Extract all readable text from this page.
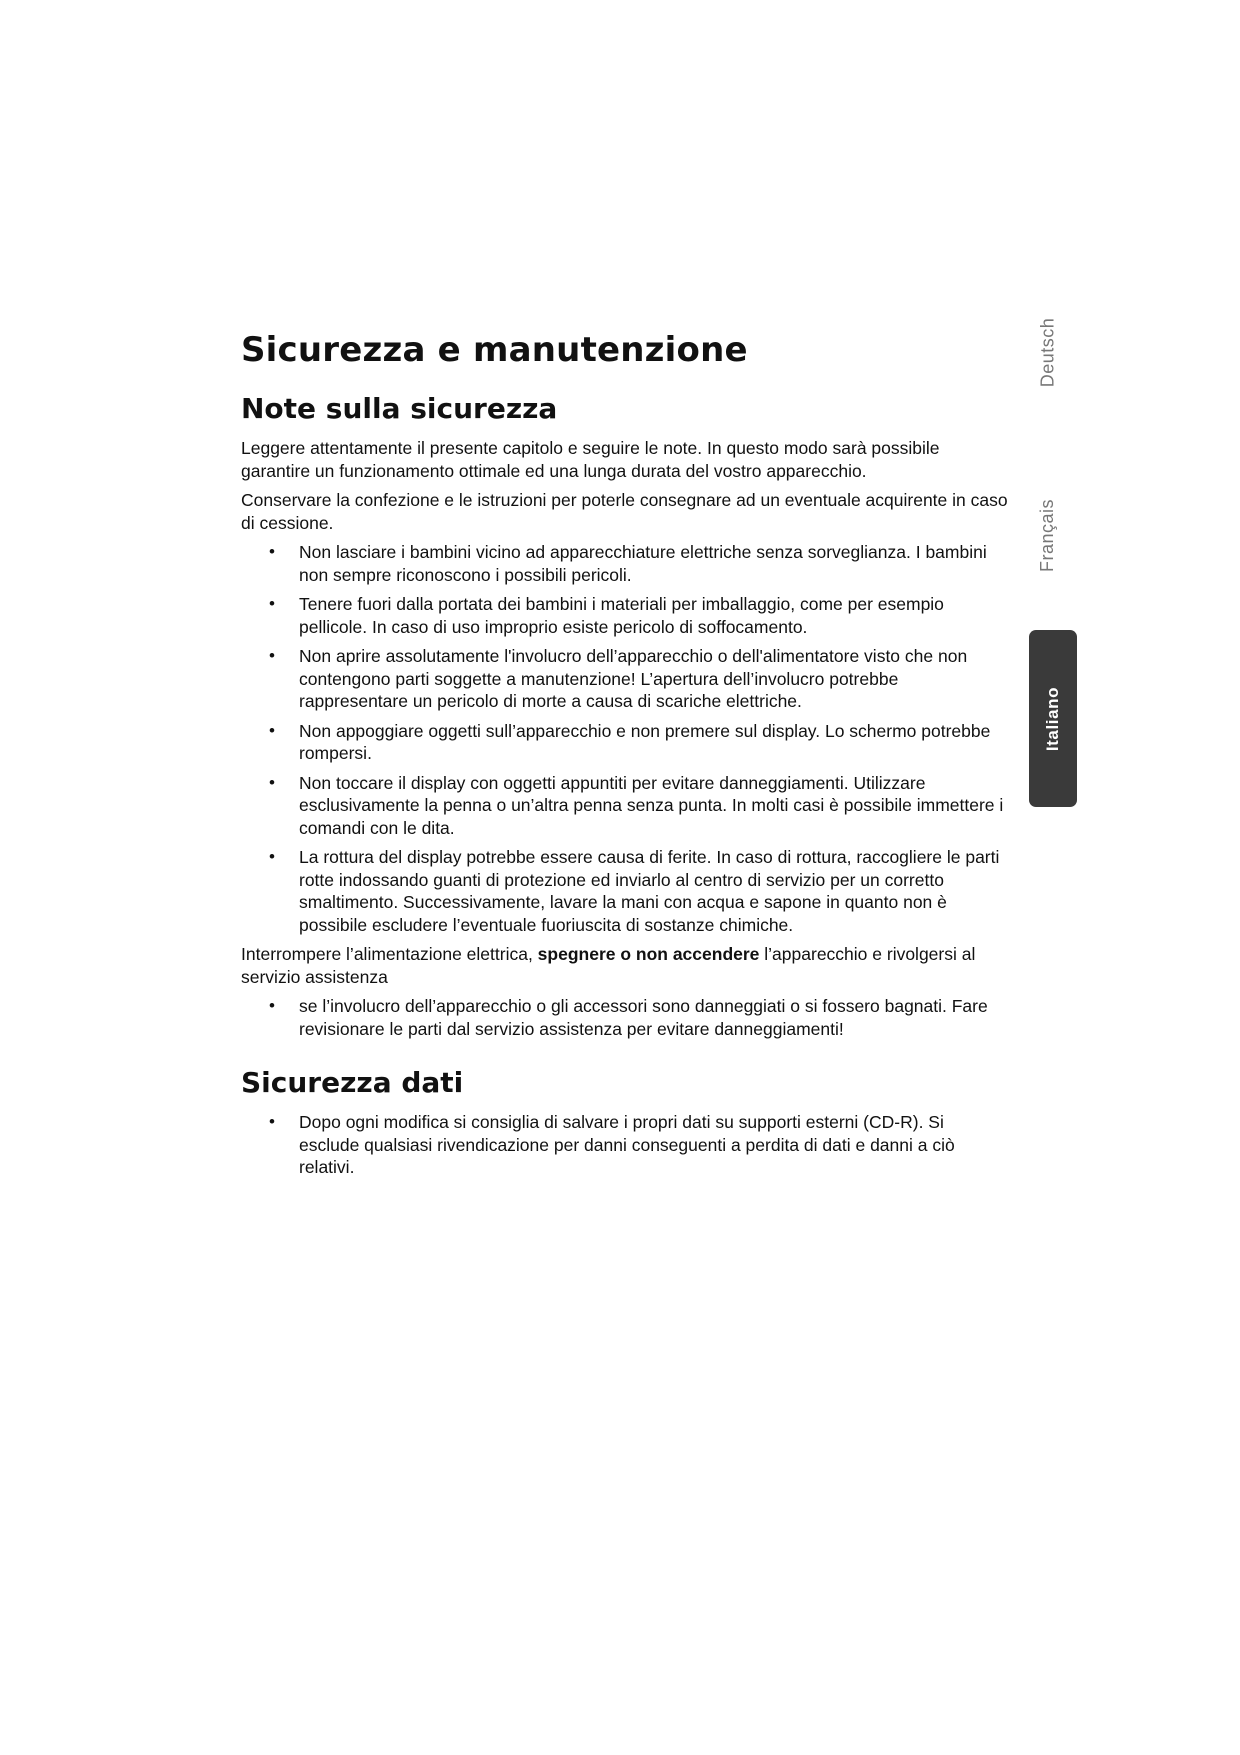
Deutsch
Français
Italiano
Sicurezza e manutenzione
Note sulla sicurezza

Leggere attentamente il presente capitolo e seguire le note. In questo modo sarà possibile garantire un funzionamento ottimale ed una lunga durata del vostro apparecchio.

Conservare la confezione e le istruzioni per poterle consegnare ad un eventuale acquirente in caso di cessione.

• Non lasciare i bambini vicino ad apparecchiature elettriche senza sorveglianza. I bambini non sempre riconoscono i possibili pericoli.
• Tenere fuori dalla portata dei bambini i materiali per imballaggio, come per esempio pellicole. In caso di uso improprio esiste pericolo di soffocamento.
• Non aprire assolutamente l'involucro dell’apparecchio o dell'alimentatore visto che non contengono parti soggette a manutenzione! L’apertura dell’involucro potrebbe rappresentare un pericolo di morte a causa di scariche elettriche.
• Non appoggiare oggetti sull’apparecchio e non premere sul display. Lo schermo potrebbe rompersi.
• Non toccare il display con oggetti appuntiti per evitare danneggiamenti. Utilizzare esclusivamente la penna o un’altra penna senza punta. In molti casi è possibile immettere i comandi con le dita.
• La rottura del display potrebbe essere causa di ferite. In caso di rottura, raccogliere le parti rotte indossando guanti di protezione ed inviarlo al centro di servizio per un corretto smaltimento. Successivamente, lavare la mani con acqua e sapone in quanto non è possibile escludere l’eventuale fuoriuscita di sostanze chimiche.

Interrompere l’alimentazione elettrica, spegnere o non accendere l’apparecchio e rivolgersi al servizio assistenza

• se l’involucro dell’apparecchio o gli accessori sono danneggiati o si fossero bagnati. Fare revisionare le parti dal servizio assistenza per evitare danneggiamenti!
Sicurezza dati
• Dopo ogni modifica si consiglia di salvare i propri dati su supporti esterni (CD-R). Si esclude qualsiasi rivendicazione per danni conseguenti a perdita di dati e danni a ciò relativi.
